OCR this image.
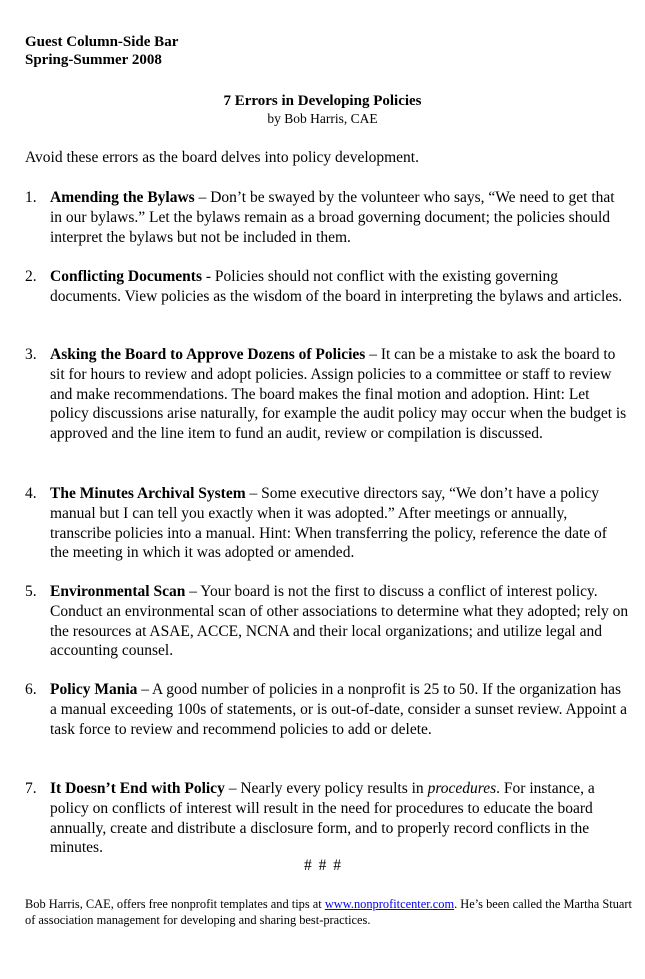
Guest Column-Side Bar
Spring-Summer 2008
7 Errors in Developing Policies
by Bob Harris, CAE
Avoid these errors as the board delves into policy development.
1. Amending the Bylaws – Don’t be swayed by the volunteer who says, “We need to get that in our bylaws.” Let the bylaws remain as a broad governing document; the policies should interpret the bylaws but not be included in them.
2. Conflicting Documents - Policies should not conflict with the existing governing documents. View policies as the wisdom of the board in interpreting the bylaws and articles.
3. Asking the Board to Approve Dozens of Policies – It can be a mistake to ask the board to sit for hours to review and adopt policies. Assign policies to a committee or staff to review and make recommendations. The board makes the final motion and adoption. Hint: Let policy discussions arise naturally, for example the audit policy may occur when the budget is approved and the line item to fund an audit, review or compilation is discussed.
4. The Minutes Archival System – Some executive directors say, “We don’t have a policy manual but I can tell you exactly when it was adopted.” After meetings or annually, transcribe policies into a manual. Hint: When transferring the policy, reference the date of the meeting in which it was adopted or amended.
5. Environmental Scan – Your board is not the first to discuss a conflict of interest policy. Conduct an environmental scan of other associations to determine what they adopted; rely on the resources at ASAE, ACCE, NCNA and their local organizations; and utilize legal and accounting counsel.
6. Policy Mania – A good number of policies in a nonprofit is 25 to 50. If the organization has a manual exceeding 100s of statements, or is out-of-date, consider a sunset review. Appoint a task force to review and recommend policies to add or delete.
7. It Doesn’t End with Policy – Nearly every policy results in procedures. For instance, a policy on conflicts of interest will result in the need for procedures to educate the board annually, create and distribute a disclosure form, and to properly record conflicts in the minutes.
# # #
Bob Harris, CAE, offers free nonprofit templates and tips at www.nonprofitcenter.com. He’s been called the Martha Stuart of association management for developing and sharing best-practices.
